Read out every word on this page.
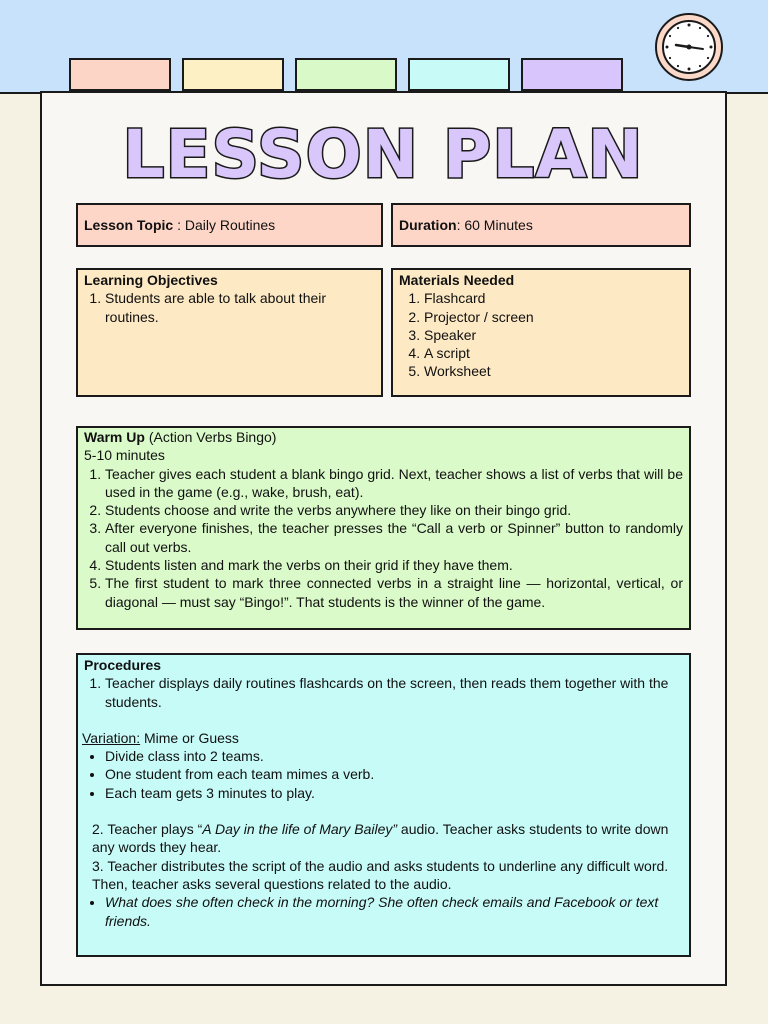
LESSON PLAN
Lesson Topic : Daily Routines	Duration: 60 Minutes
Learning Objectives
1. Students are able to talk about their routines.
Materials Needed
1. Flashcard
2. Projector / screen
3. Speaker
4. A script
5. Worksheet
Warm Up (Action Verbs Bingo)
5-10 minutes
1. Teacher gives each student a blank bingo grid. Next, teacher shows a list of verbs that will be used in the game (e.g., wake, brush, eat).
2. Students choose and write the verbs anywhere they like on their bingo grid.
3. After everyone finishes, the teacher presses the “Call a verb or Spinner” button to randomly call out verbs.
4. Students listen and mark the verbs on their grid if they have them.
5. The first student to mark three connected verbs in a straight line — horizontal, vertical, or diagonal — must say “Bingo!”. That students is the winner of the game.
Procedures
1. Teacher displays daily routines flashcards on the screen, then reads them together with the students.
Variation: Mime or Guess
• Divide class into 2 teams.
• One student from each team mimes a verb.
• Each team gets 3 minutes to play.
2. Teacher plays “A Day in the life of Mary Bailey” audio. Teacher asks students to write down any words they hear.
3. Teacher distributes the script of the audio and asks students to underline any difficult word. Then, teacher asks several questions related to the audio.
• What does she often check in the morning? She often check emails and Facebook or text friends.
